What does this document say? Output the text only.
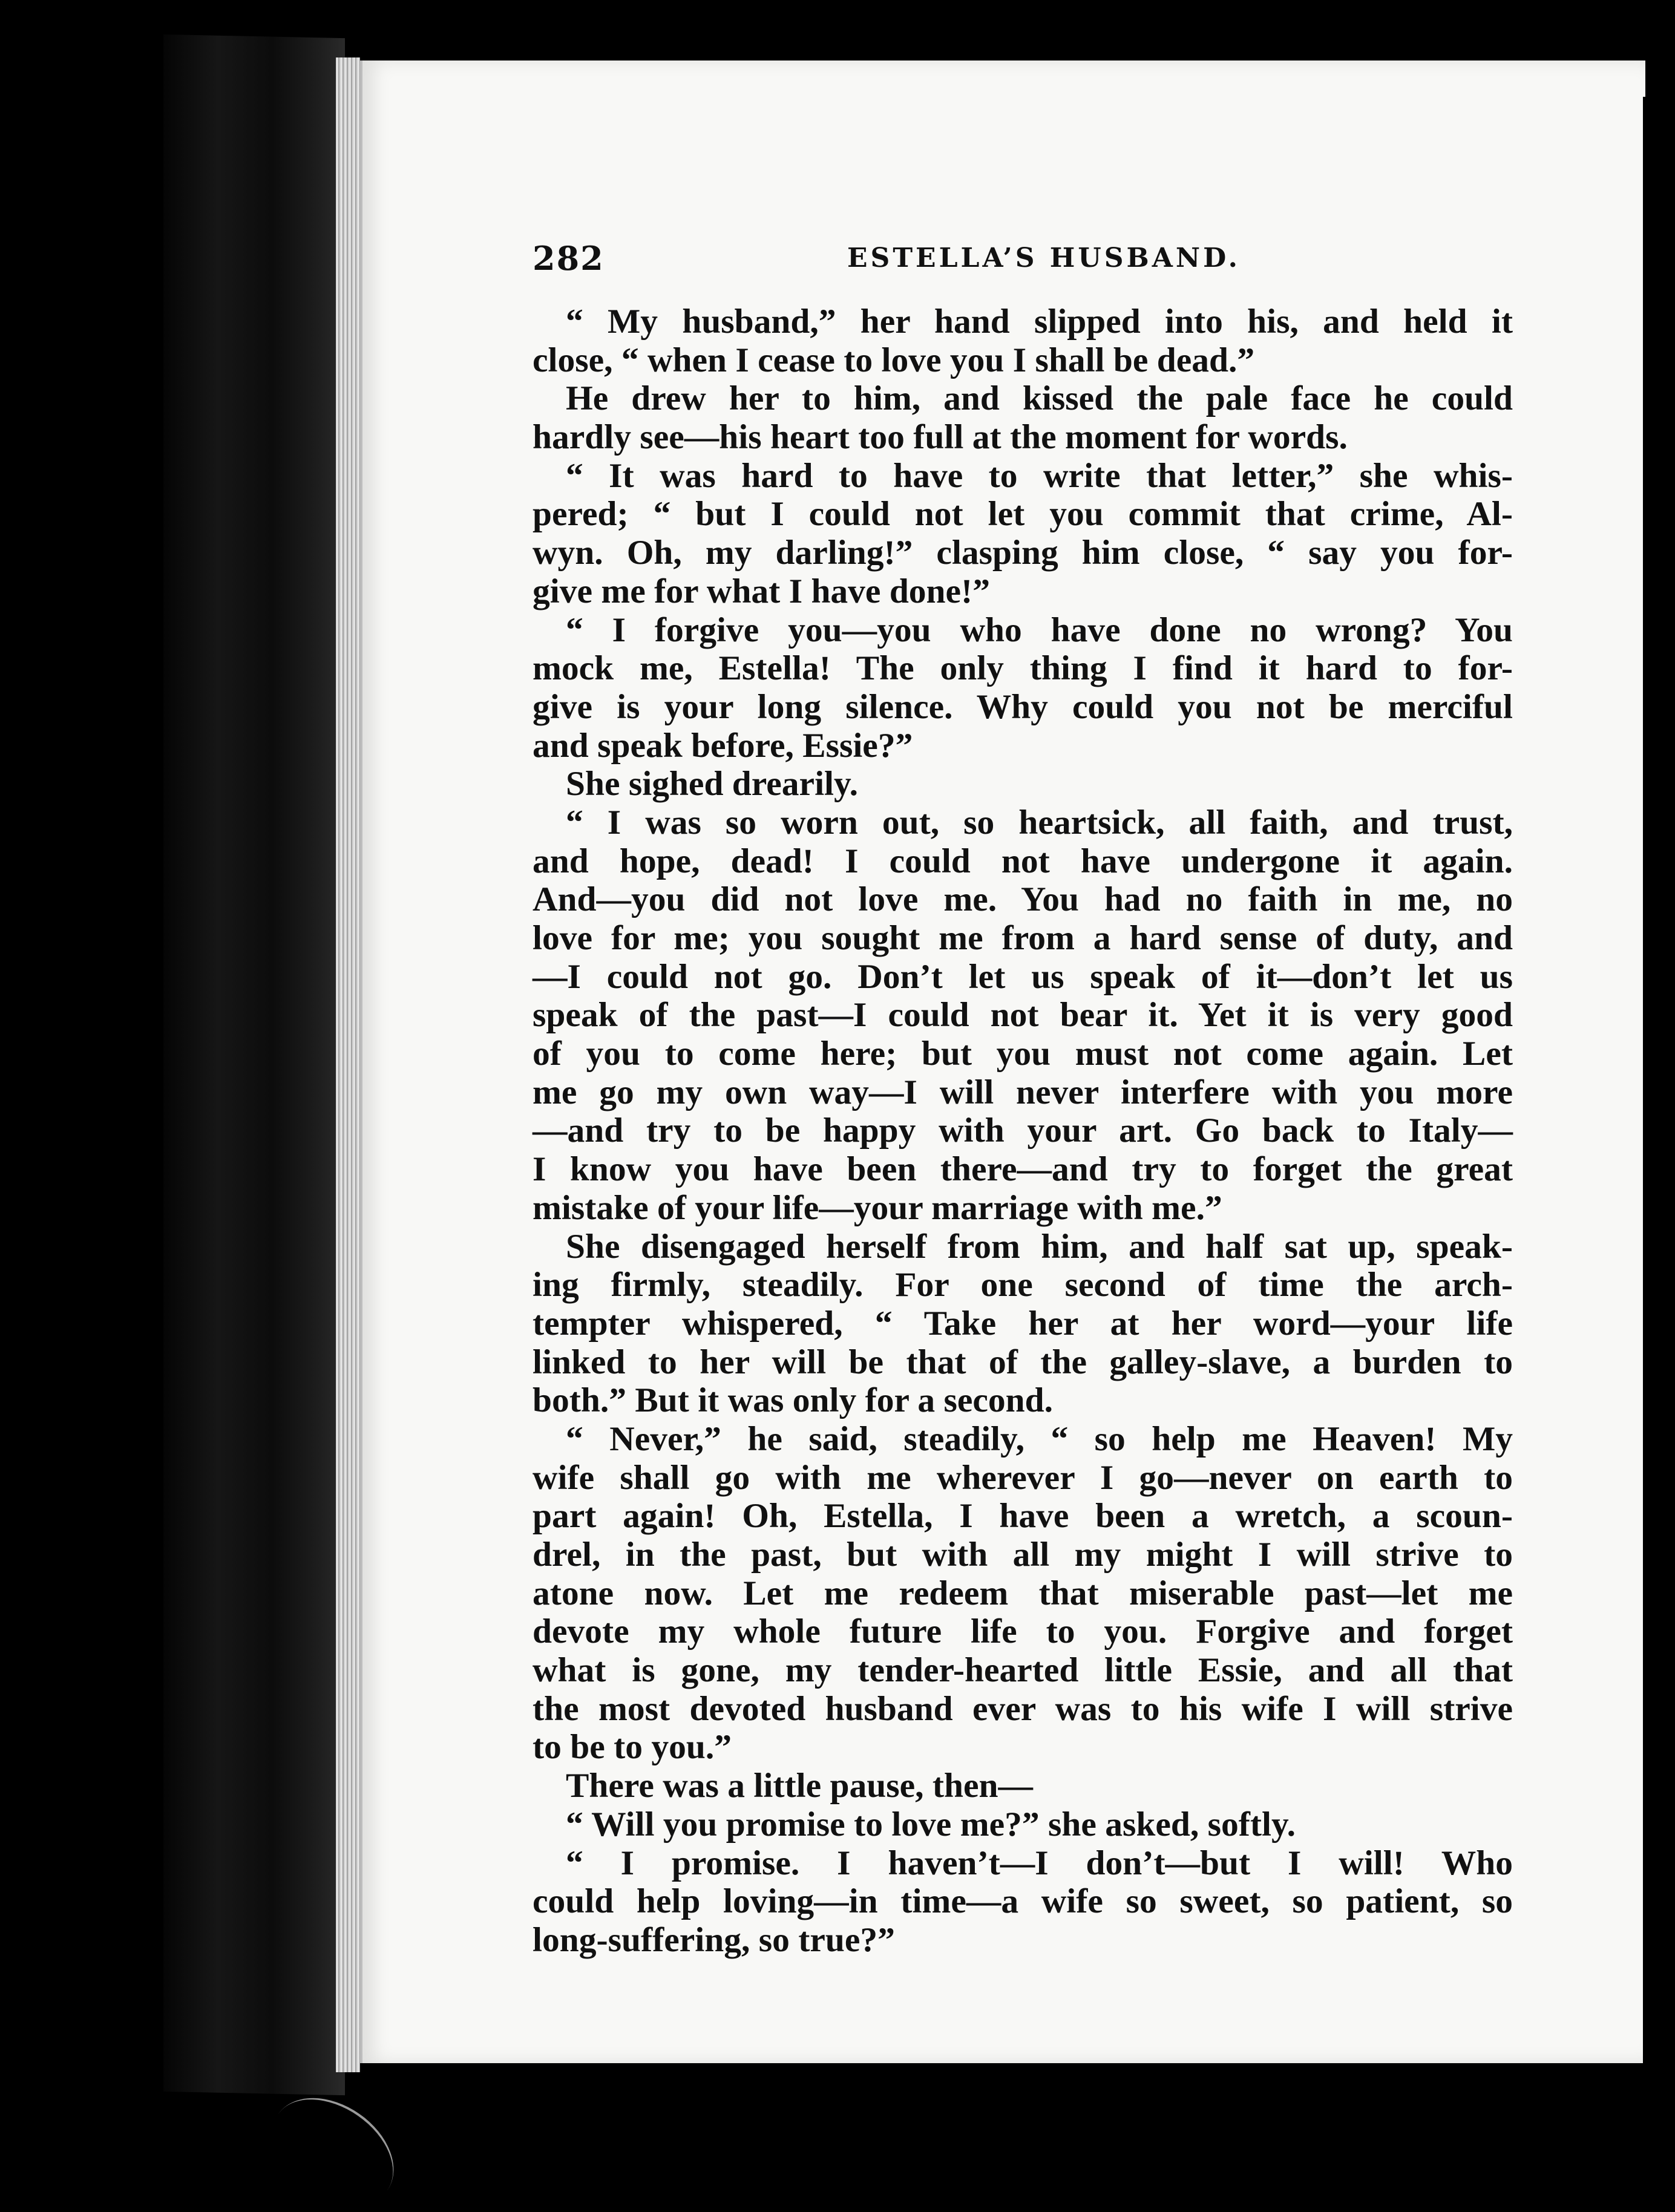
282	ESTELLA’S HUSBAND.
“ My husband,” her hand slipped into his, and held it
close, “ when I cease to love you I shall be dead.”
He drew her to him, and kissed the pale face he could
hardly see—his heart too full at the moment for words.
“ It was hard to have to write that letter,” she whis-
pered; “ but I could not let you commit that crime, Al-
wyn. Oh, my darling!” clasping him close, “ say you for-
give me for what I have done!”
“ I forgive you—you who have done no wrong? You
mock me, Estella! The only thing I find it hard to for-
give is your long silence. Why could you not be merciful
and speak before, Essie?”
She sighed drearily.
“ I was so worn out, so heartsick, all faith, and trust,
and hope, dead! I could not have undergone it again.
And—you did not love me. You had no faith in me, no
love for me; you sought me from a hard sense of duty, and
—I could not go. Don’t let us speak of it—don’t let us
speak of the past—I could not bear it. Yet it is very good
of you to come here; but you must not come again. Let
me go my own way—I will never interfere with you more
—and try to be happy with your art. Go back to Italy—
I know you have been there—and try to forget the great
mistake of your life—your marriage with me.”
She disengaged herself from him, and half sat up, speak-
ing firmly, steadily. For one second of time the arch-
tempter whispered, “ Take her at her word—your life
linked to her will be that of the galley-slave, a burden to
both.” But it was only for a second.
“ Never,” he said, steadily, “ so help me Heaven! My
wife shall go with me wherever I go—never on earth to
part again! Oh, Estella, I have been a wretch, a scoun-
drel, in the past, but with all my might I will strive to
atone now. Let me redeem that miserable past—let me
devote my whole future life to you. Forgive and forget
what is gone, my tender-hearted little Essie, and all that
the most devoted husband ever was to his wife I will strive
to be to you.”
There was a little pause, then—
“ Will you promise to love me?” she asked, softly.
“ I promise. I haven’t—I don’t—but I will! Who
could help loving—in time—a wife so sweet, so patient, so
long-suffering, so true?”
